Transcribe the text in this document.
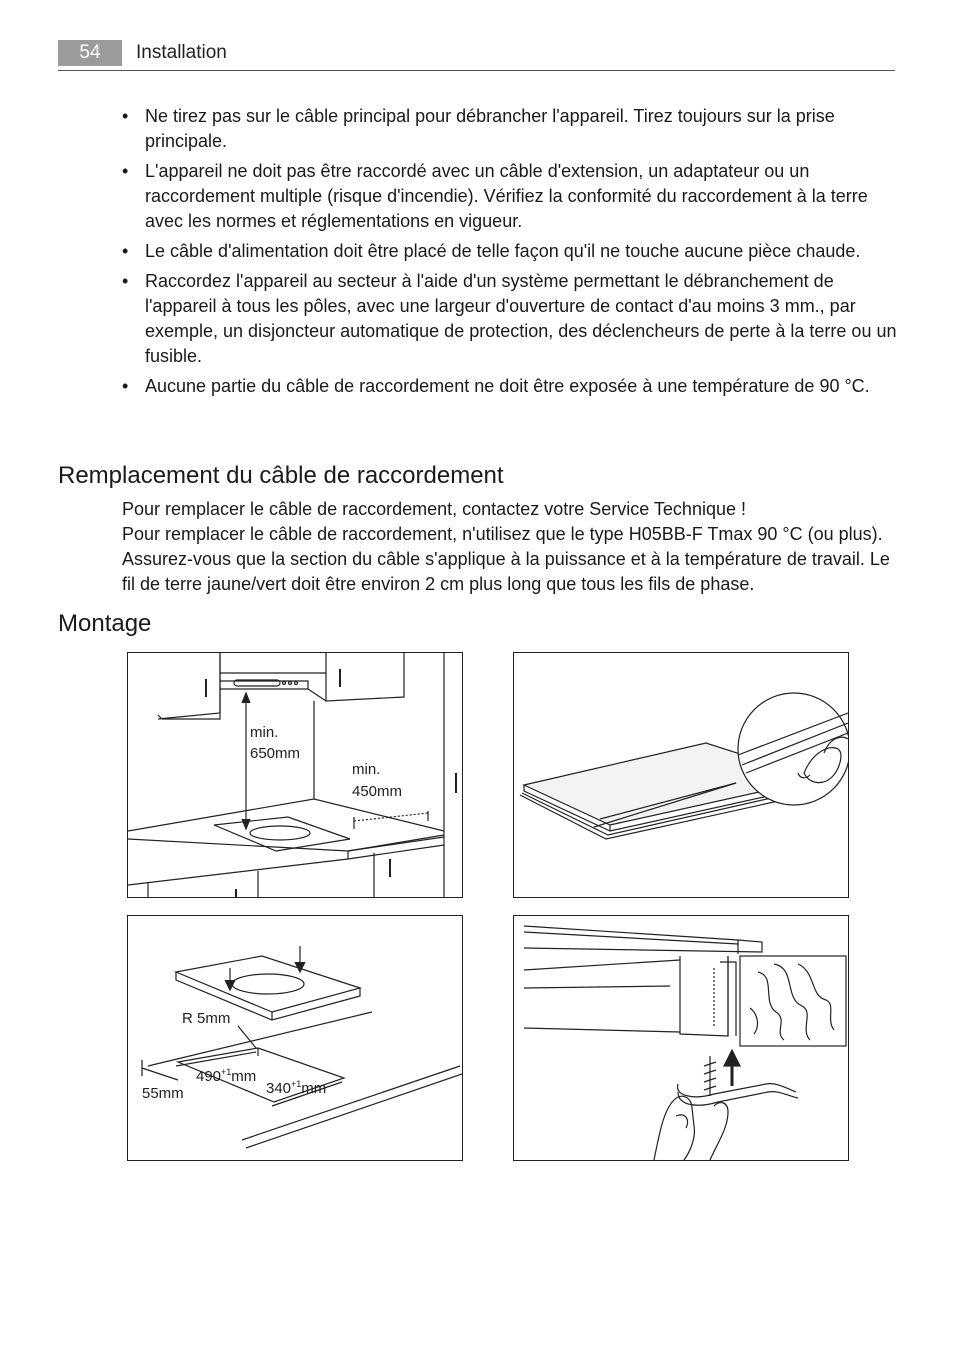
54	Installation
• Ne tirez pas sur le câble principal pour débrancher l'appareil. Tirez toujours sur la prise principale.
• L'appareil ne doit pas être raccordé avec un câble d'extension, un adaptateur ou un raccordement multiple (risque d'incendie). Vérifiez la conformité du raccordement à la terre avec les normes et réglementations en vigueur.
• Le câble d'alimentation doit être placé de telle façon qu'il ne touche aucune pièce chaude.
• Raccordez l'appareil au secteur à l'aide d'un système permettant le débranchement de l'appareil à tous les pôles, avec une largeur d'ouverture de contact d'au moins 3 mm., par exemple, un disjoncteur automatique de protection, des déclencheurs de perte à la terre ou un fusible.
• Aucune partie du câble de raccordement ne doit être exposée à une température de 90 °C.
Remplacement du câble de raccordement

Pour remplacer le câble de raccordement, contactez votre Service Technique !

Pour remplacer le câble de raccordement, n'utilisez que le type H05BB-F Tmax 90 °C (ou plus). Assurez-vous que la section du câble s'applique à la puissance et à la température de travail. Le fil de terre jaune/vert doit être environ 2 cm plus long que tous les fils de phase.

Montage
min.
650mm
min.
450mm
R 5mm
$490^{+1}mm$
$340^{+1}mm$
55mm
